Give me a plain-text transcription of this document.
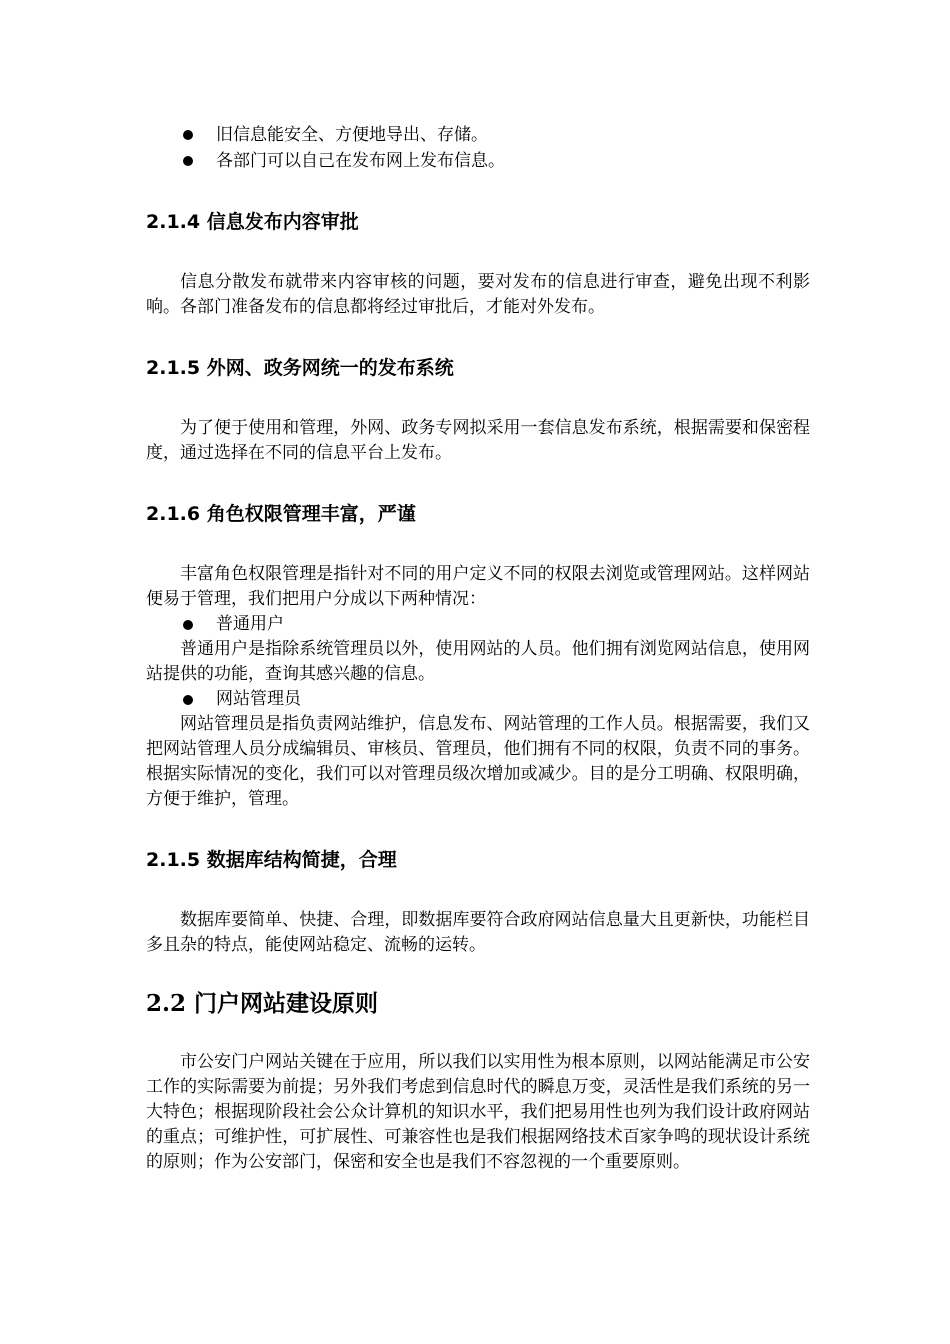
旧信息能安全、方便地导出、存储。
各部门可以自己在发布网上发布信息。
2.1.4 信息发布内容审批

信息分散发布就带来内容审核的问题，要对发布的信息进行审查，避免出现不利影响。各部门准备发布的信息都将经过审批后，才能对外发布。

2.1.5 外网、政务网统一的发布系统

为了便于使用和管理，外网、政务专网拟采用一套信息发布系统，根据需要和保密程度，通过选择在不同的信息平台上发布。

2.1.6 角色权限管理丰富，严谨

丰富角色权限管理是指针对不同的用户定义不同的权限去浏览或管理网站。这样网站便易于管理，我们把用户分成以下两种情况：

普通用户

普通用户是指除系统管理员以外，使用网站的人员。他们拥有浏览网站信息，使用网站提供的功能，查询其感兴趣的信息。

网站管理员

网站管理员是指负责网站维护，信息发布、网站管理的工作人员。根据需要，我们又把网站管理人员分成编辑员、审核员、管理员，他们拥有不同的权限，负责不同的事务。根据实际情况的变化，我们可以对管理员级次增加或减少。目的是分工明确、权限明确，方便于维护，管理。

2.1.5 数据库结构简捷，合理

数据库要简单、快捷、合理，即数据库要符合政府网站信息量大且更新快，功能栏目多且杂的特点，能使网站稳定、流畅的运转。

2.2 门户网站建设原则

市公安门户网站关键在于应用，所以我们以实用性为根本原则，以网站能满足市公安工作的实际需要为前提；另外我们考虑到信息时代的瞬息万变，灵活性是我们系统的另一大特色；根据现阶段社会公众计算机的知识水平，我们把易用性也列为我们设计政府网站的重点；可维护性，可扩展性、可兼容性也是我们根据网络技术百家争鸣的现状设计系统的原则；作为公安部门，保密和安全也是我们不容忽视的一个重要原则。
